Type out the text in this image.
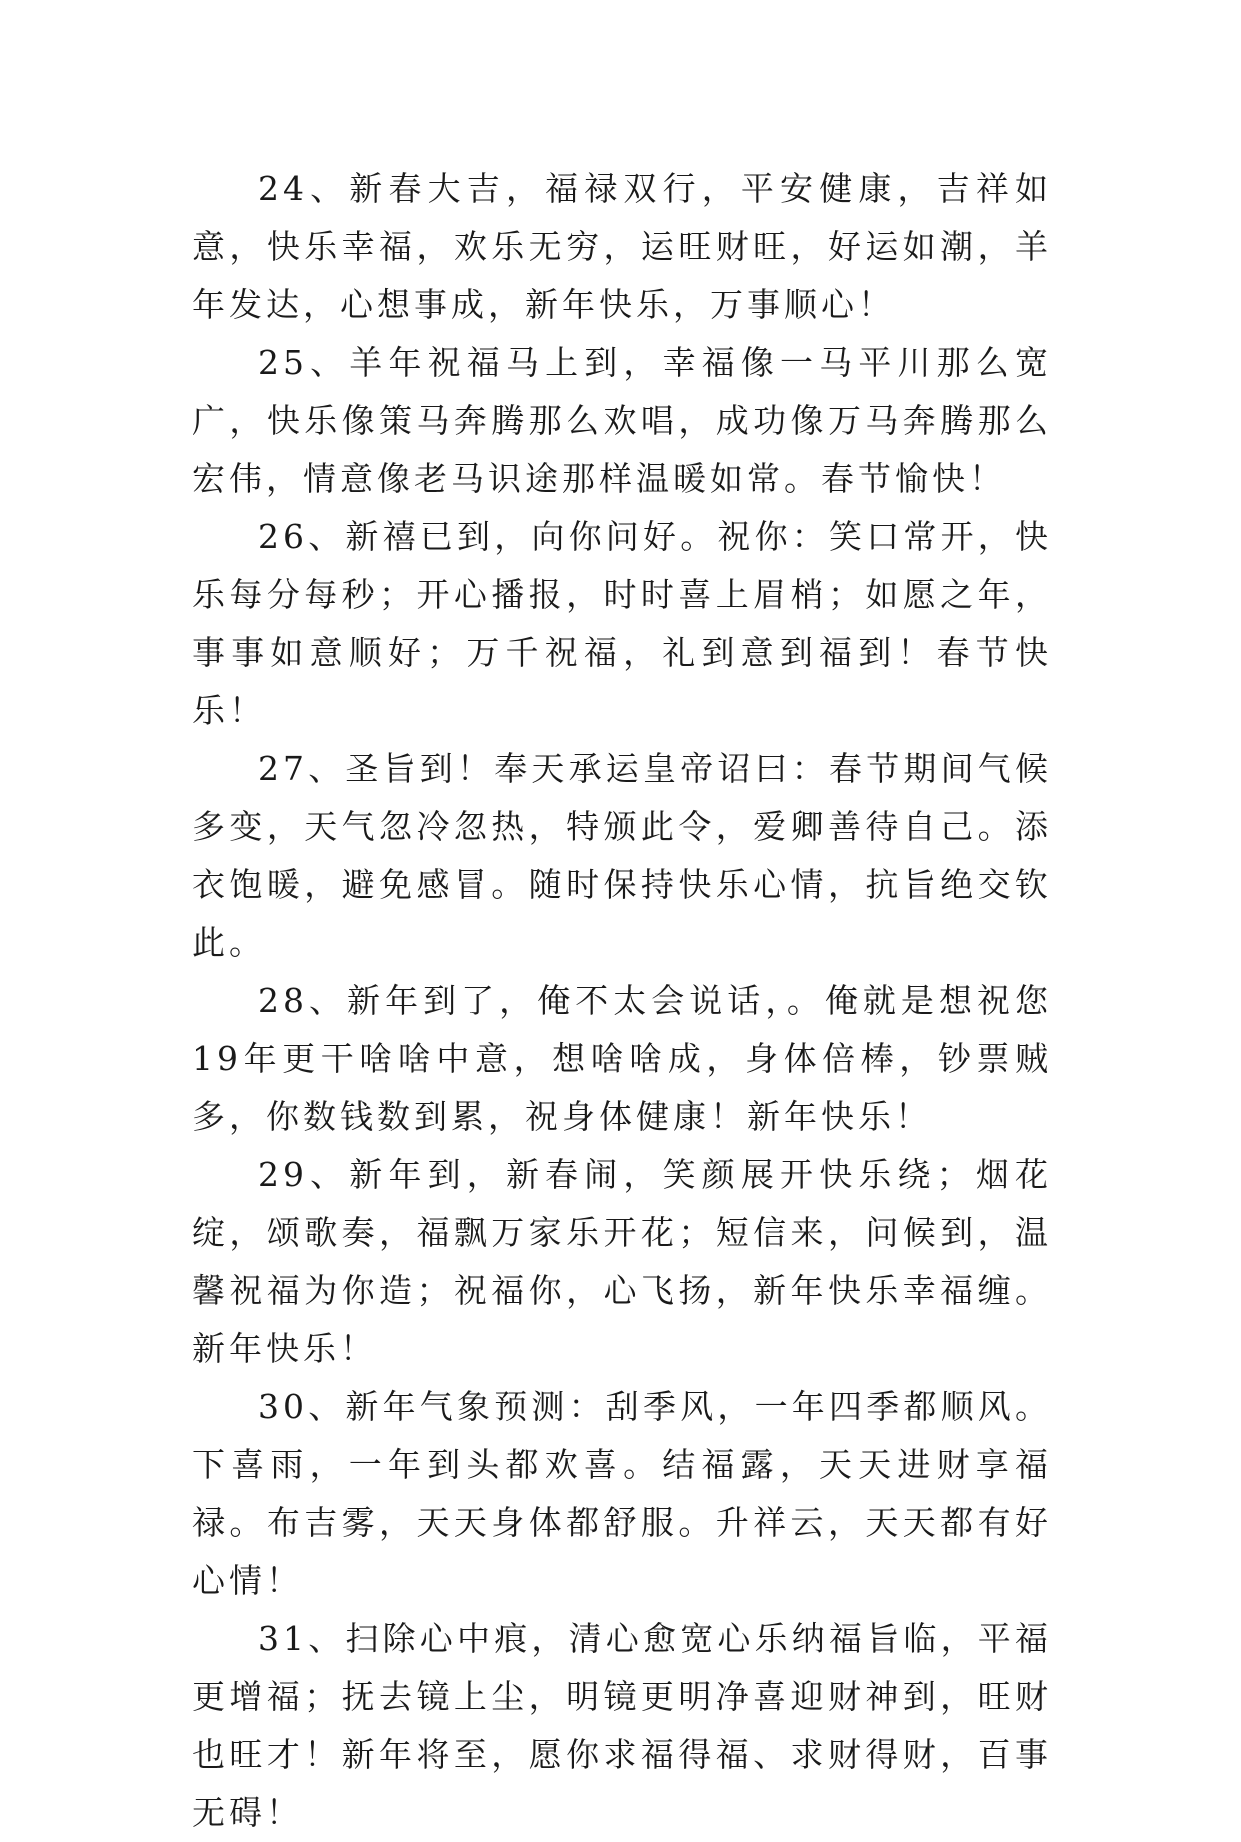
24、新春大吉，福禄双行，平安健康，吉祥如意，快乐幸福，欢乐无穷，运旺财旺，好运如潮，羊年发达，心想事成，新年快乐，万事顺心！

25、羊年祝福马上到，幸福像一马平川那么宽广，快乐像策马奔腾那么欢唱，成功像万马奔腾那么宏伟，情意像老马识途那样温暖如常。春节愉快！

26、新禧已到，向你问好。祝你：笑口常开，快乐每分每秒；开心播报，时时喜上眉梢；如愿之年，事事如意顺好；万千祝福，礼到意到福到！春节快乐！

27、圣旨到！奉天承运皇帝诏曰：春节期间气候多变，天气忽冷忽热，特颁此令，爱卿善待自己。添衣饱暖，避免感冒。随时保持快乐心情，抗旨绝交钦此。

28、新年到了，俺不太会说话，。俺就是想祝您19年更干啥啥中意，想啥啥成，身体倍棒，钞票贼多，你数钱数到累，祝身体健康！新年快乐！

29、新年到，新春闹，笑颜展开快乐绕；烟花绽，颂歌奏，福飘万家乐开花；短信来，问候到，温馨祝福为你造；祝福你，心飞扬，新年快乐幸福缠。新年快乐！

30、新年气象预测：刮季风，一年四季都顺风。下喜雨，一年到头都欢喜。结福露，天天进财享福禄。布吉雾，天天身体都舒服。升祥云，天天都有好心情！

31、扫除心中痕，清心愈宽心乐纳福旨临，平福更增福；抚去镜上尘，明镜更明净喜迎财神到，旺财也旺才！新年将至，愿你求福得福、求财得财，百事无碍！
